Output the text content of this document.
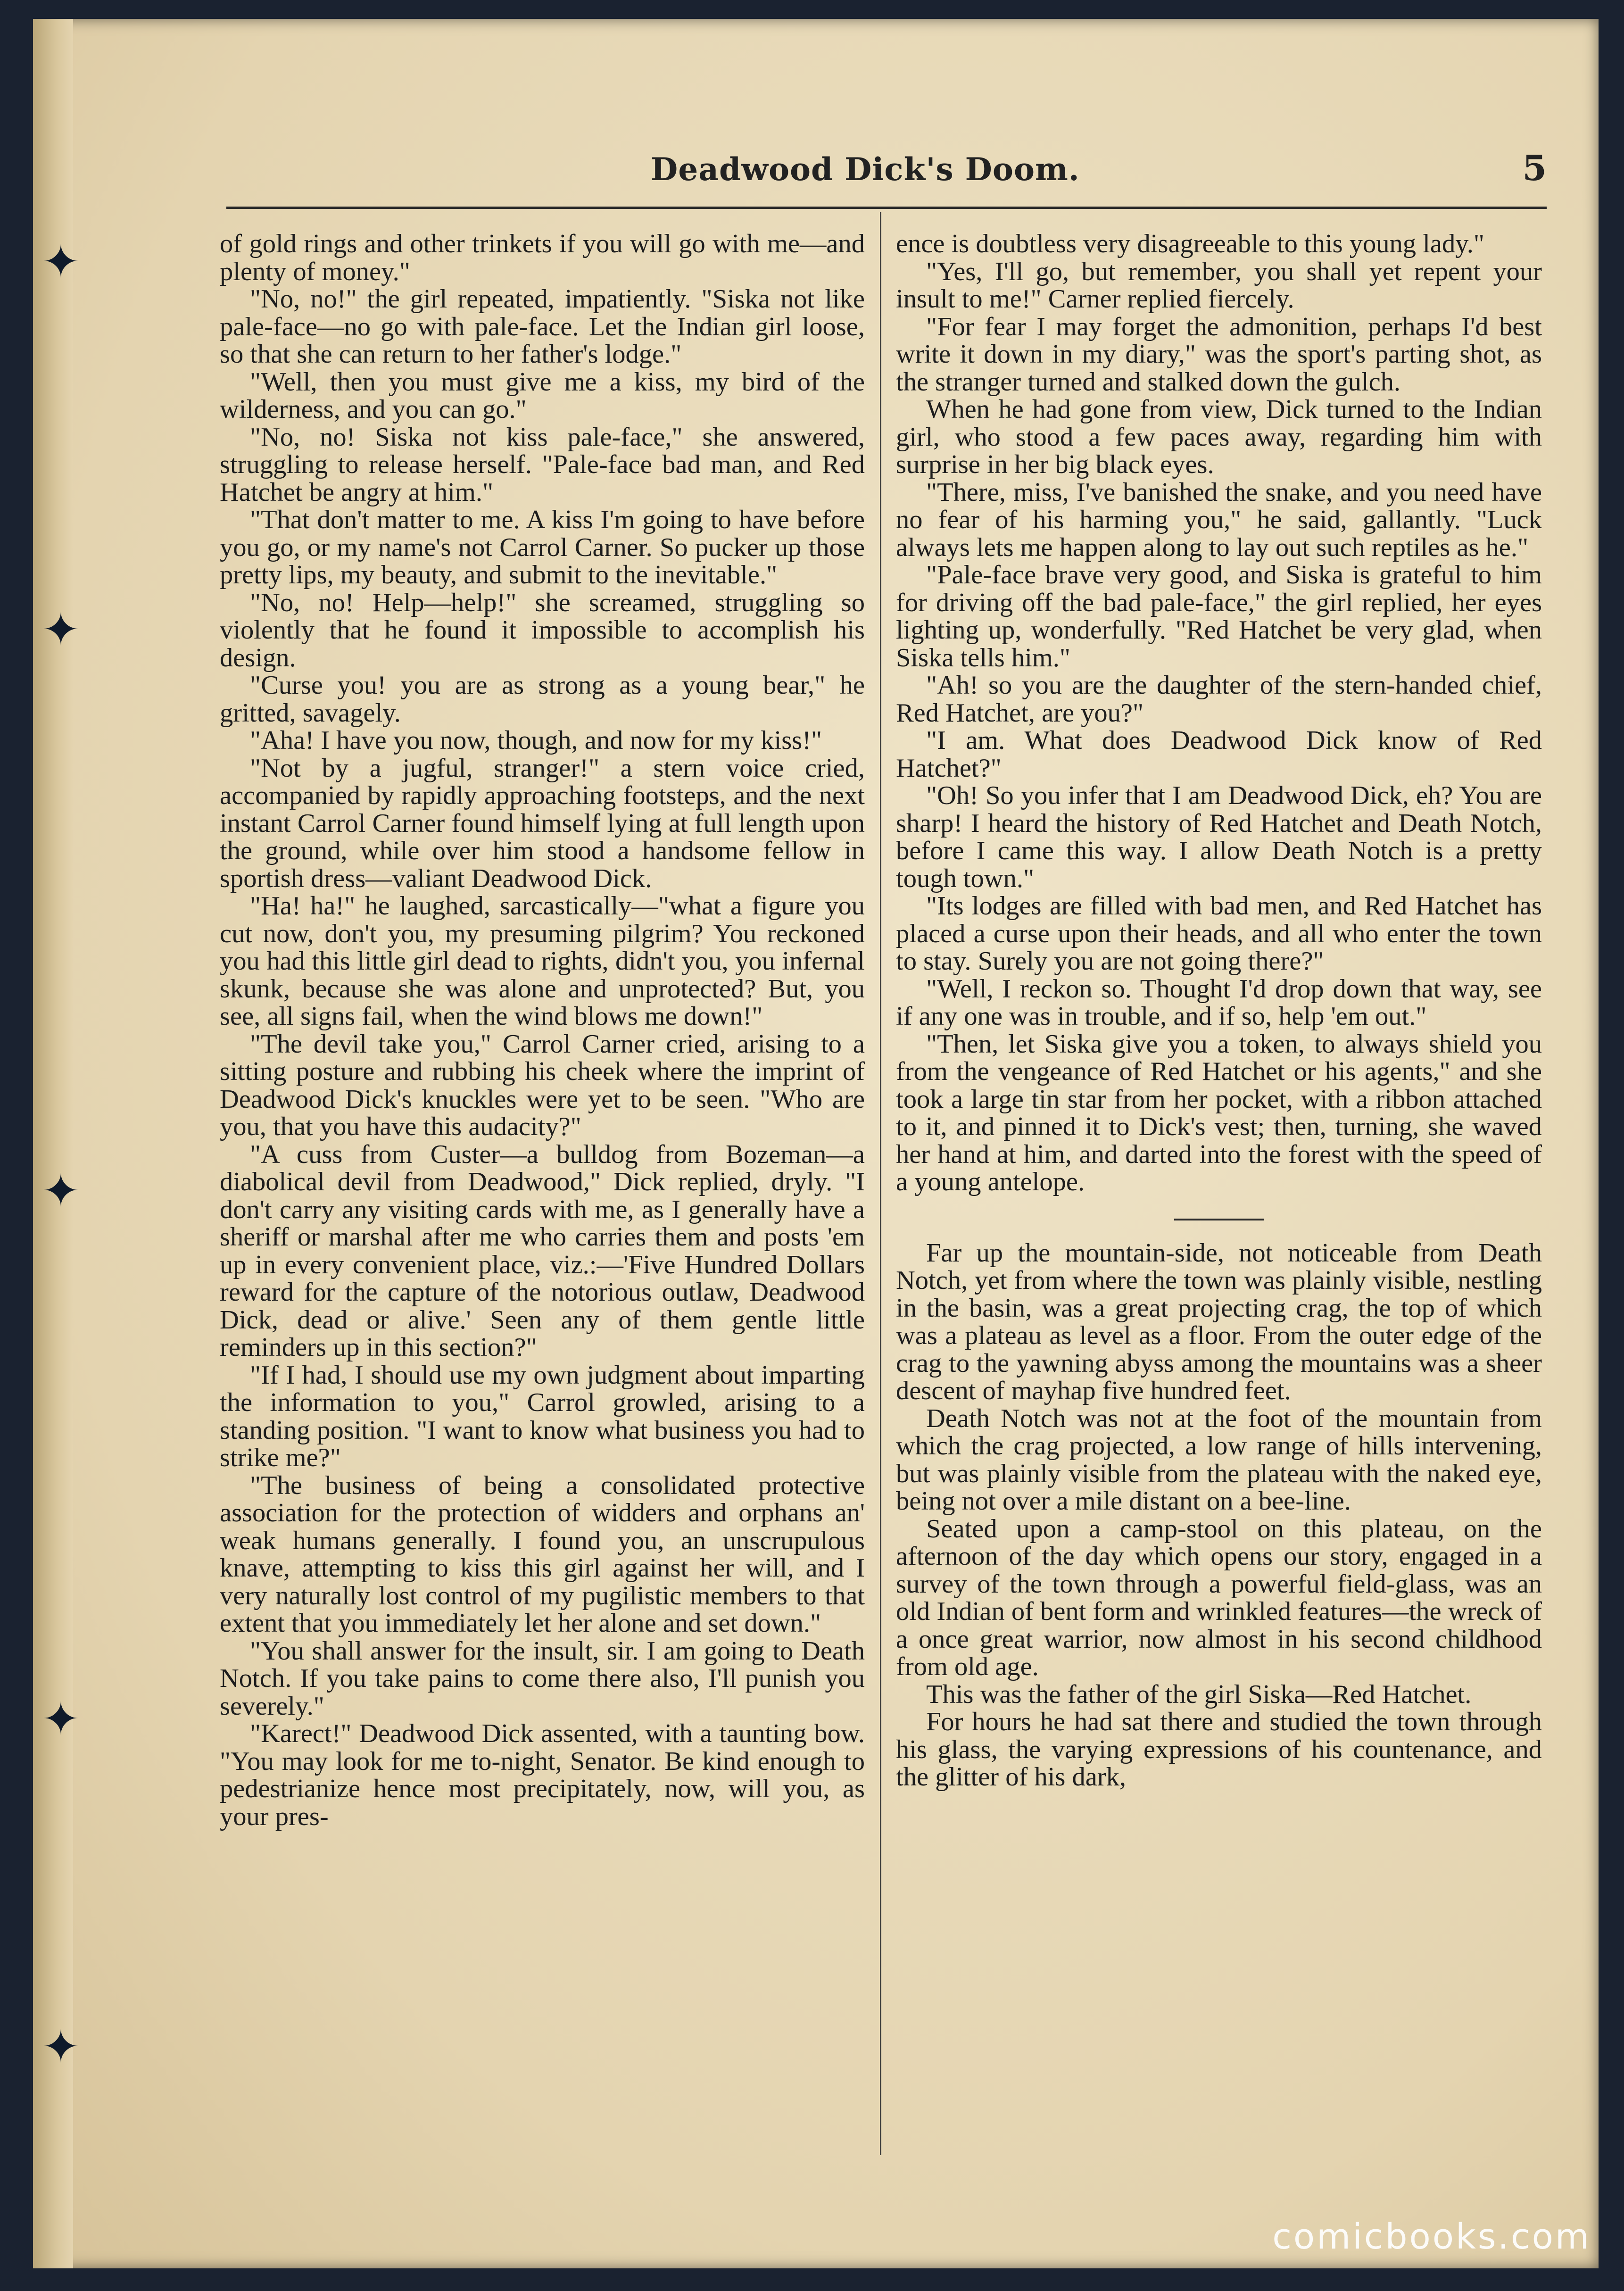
✦
✦
✦
✦
✦
Deadwood Dick's Doom.	5

of gold rings and other trinkets if you will go with me—and plenty of money."

"No, no!" the girl repeated, impatiently. "Siska not like pale-face—no go with pale-face. Let the Indian girl loose, so that she can return to her father's lodge."

"Well, then you must give me a kiss, my bird of the wilderness, and you can go."

"No, no! Siska not kiss pale-face," she answered, struggling to release herself. "Pale-face bad man, and Red Hatchet be angry at him."

"That don't matter to me. A kiss I'm going to have before you go, or my name's not Carrol Carner. So pucker up those pretty lips, my beauty, and submit to the inevitable."

"No, no! Help—help!" she screamed, struggling so violently that he found it impossible to accomplish his design.

"Curse you! you are as strong as a young bear," he gritted, savagely.

"Aha! I have you now, though, and now for my kiss!"

"Not by a jugful, stranger!" a stern voice cried, accompanied by rapidly approaching footsteps, and the next instant Carrol Carner found himself lying at full length upon the ground, while over him stood a handsome fellow in sportish dress—valiant Deadwood Dick.

"Ha! ha!" he laughed, sarcastically—"what a figure you cut now, don't you, my presuming pilgrim? You reckoned you had this little girl dead to rights, didn't you, you infernal skunk, because she was alone and unprotected? But, you see, all signs fail, when the wind blows me down!"

"The devil take you," Carrol Carner cried, arising to a sitting posture and rubbing his cheek where the imprint of Deadwood Dick's knuckles were yet to be seen. "Who are you, that you have this audacity?"

"A cuss from Custer—a bulldog from Bozeman—a diabolical devil from Deadwood," Dick replied, dryly. "I don't carry any visiting cards with me, as I generally have a sheriff or marshal after me who carries them and posts 'em up in every convenient place, viz.:—'Five Hundred Dollars reward for the capture of the notorious outlaw, Deadwood Dick, dead or alive.' Seen any of them gentle little reminders up in this section?"

"If I had, I should use my own judgment about imparting the information to you," Carrol growled, arising to a standing position. "I want to know what business you had to strike me?"

"The business of being a consolidated protective association for the protection of widders and orphans an' weak humans generally. I found you, an unscrupulous knave, attempting to kiss this girl against her will, and I very naturally lost control of my pugilistic members to that extent that you immediately let her alone and set down."

"You shall answer for the insult, sir. I am going to Death Notch. If you take pains to come there also, I'll punish you severely."

"Karect!" Deadwood Dick assented, with a taunting bow. "You may look for me to-night, Senator. Be kind enough to pedestrianize hence most precipitately, now, will you, as your pres-

ence is doubtless very disagreeable to this young lady."

"Yes, I'll go, but remember, you shall yet repent your insult to me!" Carner replied fiercely.

"For fear I may forget the admonition, perhaps I'd best write it down in my diary," was the sport's parting shot, as the stranger turned and stalked down the gulch.

When he had gone from view, Dick turned to the Indian girl, who stood a few paces away, regarding him with surprise in her big black eyes.

"There, miss, I've banished the snake, and you need have no fear of his harming you," he said, gallantly. "Luck always lets me happen along to lay out such reptiles as he."

"Pale-face brave very good, and Siska is grateful to him for driving off the bad pale-face," the girl replied, her eyes lighting up, wonderfully. "Red Hatchet be very glad, when Siska tells him."

"Ah! so you are the daughter of the stern-handed chief, Red Hatchet, are you?"

"I am. What does Deadwood Dick know of Red Hatchet?"

"Oh! So you infer that I am Deadwood Dick, eh? You are sharp! I heard the history of Red Hatchet and Death Notch, before I came this way. I allow Death Notch is a pretty tough town."

"Its lodges are filled with bad men, and Red Hatchet has placed a curse upon their heads, and all who enter the town to stay. Surely you are not going there?"

"Well, I reckon so. Thought I'd drop down that way, see if any one was in trouble, and if so, help 'em out."

"Then, let Siska give you a token, to always shield you from the vengeance of Red Hatchet or his agents," and she took a large tin star from her pocket, with a ribbon attached to it, and pinned it to Dick's vest; then, turning, she waved her hand at him, and darted into the forest with the speed of a young antelope.

Far up the mountain-side, not noticeable from Death Notch, yet from where the town was plainly visible, nestling in the basin, was a great projecting crag, the top of which was a plateau as level as a floor. From the outer edge of the crag to the yawning abyss among the mountains was a sheer descent of mayhap five hundred feet.

Death Notch was not at the foot of the mountain from which the crag projected, a low range of hills intervening, but was plainly visible from the plateau with the naked eye, being not over a mile distant on a bee-line.

Seated upon a camp-stool on this plateau, on the afternoon of the day which opens our story, engaged in a survey of the town through a powerful field-glass, was an old Indian of bent form and wrinkled features—the wreck of a once great warrior, now almost in his second childhood from old age.

This was the father of the girl Siska—Red Hatchet.

For hours he had sat there and studied the town through his glass, the varying expressions of his countenance, and the glitter of his dark,

comicbooks.com
